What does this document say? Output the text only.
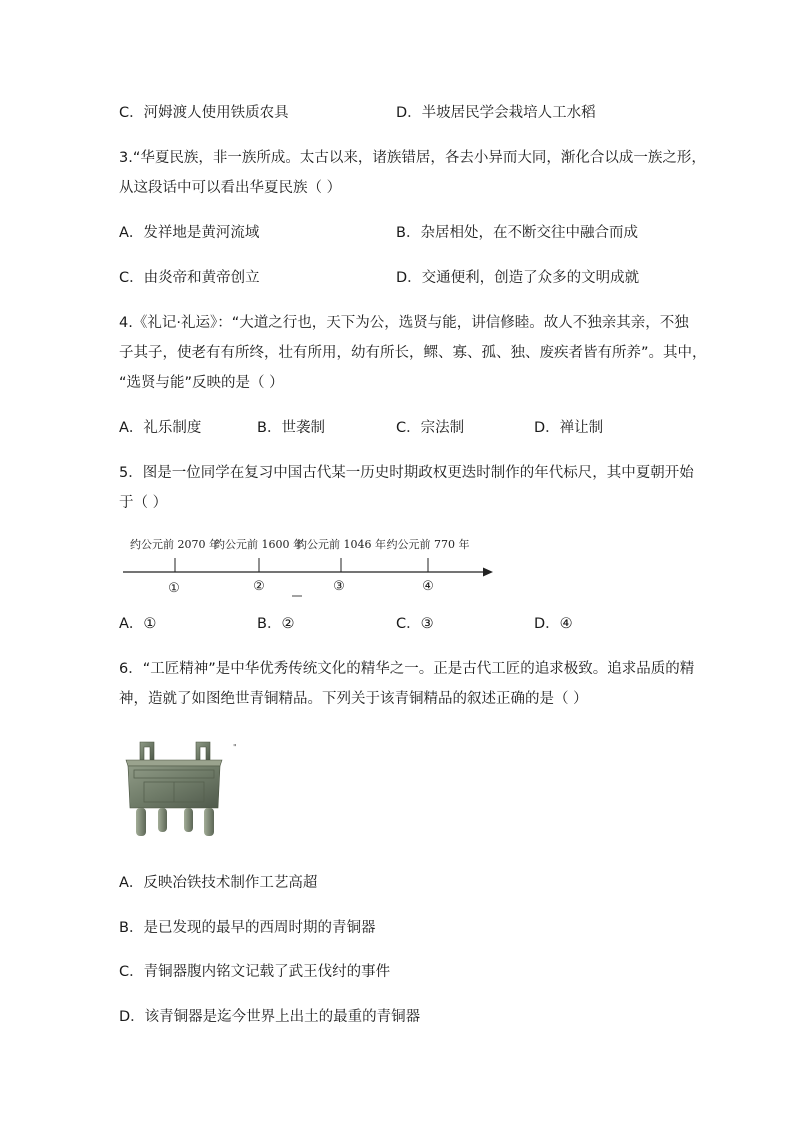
C．河姆渡人使用铁质农具	D．半坡居民学会栽培人工水稻
3.“华夏民族，非一族所成。太古以来，诸族错居，各去小异而大同，渐化合以成一族之形，
从这段话中可以看出华夏民族（ ）
A．发祥地是黄河流域	B．杂居相处，在不断交往中融合而成
C．由炎帝和黄帝创立	D．交通便利，创造了众多的文明成就
4.《礼记·礼运》：“大道之行也，天下为公，选贤与能，讲信修睦。故人不独亲其亲，不独
子其子，使老有有所终，壮有所用，幼有所长，鳏、寡、孤、独、废疾者皆有所养”。其中，
“选贤与能”反映的是（ ）
A．礼乐制度	B．世袭制	C．宗法制	D．禅让制
5．图是一位同学在复习中国古代某一历史时期政权更迭时制作的年代标尺，其中夏朝开始
于（ ）
约公元前 2070 年
约公元前 1600 年
约公元前 1046 年 约公元前 770 年
①	②	③	④
A．①	B．②	C．③	D．④
6．“工匠精神”是中华优秀传统文化的精华之一。正是古代工匠的追求极致。追求品质的精
神，造就了如图绝世青铜精品。下列关于该青铜精品的叙述正确的是（ ）
"
A．反映冶铁技术制作工艺高超
B．是已发现的最早的西周时期的青铜器
C．青铜器腹内铭文记载了武王伐纣的事件
D．该青铜器是迄今世界上出土的最重的青铜器
